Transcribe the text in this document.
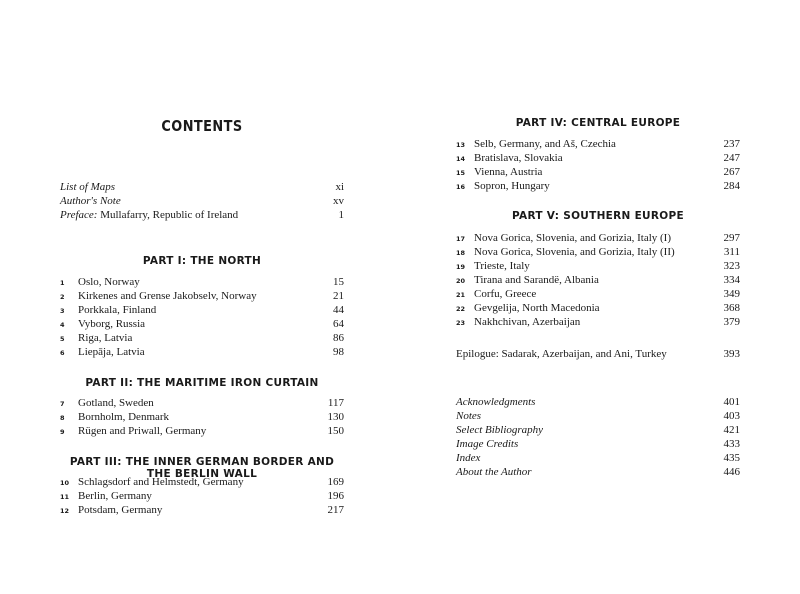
CONTENTS
List of Maps	xi
Author's Note	xv
Preface: Mullafarry, Republic of Ireland	1
PART I: THE NORTH
1	Oslo, Norway	15
2	Kirkenes and Grense Jakobselv, Norway	21
3	Porkkala, Finland	44
4	Vyborg, Russia	64
5	Riga, Latvia	86
6	Liepāja, Latvia	98
PART II: THE MARITIME IRON CURTAIN
7	Gotland, Sweden	117
8	Bornholm, Denmark	130
9	Rügen and Priwall, Germany	150
PART III: THE INNER GERMAN BORDER AND THE BERLIN WALL
10 Schlagsdorf and Helmstedt, Germany	169
11 Berlin, Germany	196
12 Potsdam, Germany	217
PART IV: CENTRAL EUROPE
13 Selb, Germany, and Aš, Czechia	237
14 Bratislava, Slovakia	247
15 Vienna, Austria	267
16 Sopron, Hungary	284
PART V: SOUTHERN EUROPE
17 Nova Gorica, Slovenia, and Gorizia, Italy (I)	297
18 Nova Gorica, Slovenia, and Gorizia, Italy (II)	311
19 Trieste, Italy	323
20 Tirana and Sarandë, Albania	334
21 Corfu, Greece	349
22 Gevgelija, North Macedonia	368
23 Nakhchivan, Azerbaijan	379
Epilogue: Sadarak, Azerbaijan, and Ani, Turkey	393
Acknowledgments	401
Notes	403
Select Bibliography	421
Image Credits	433
Index	435
About the Author	446
